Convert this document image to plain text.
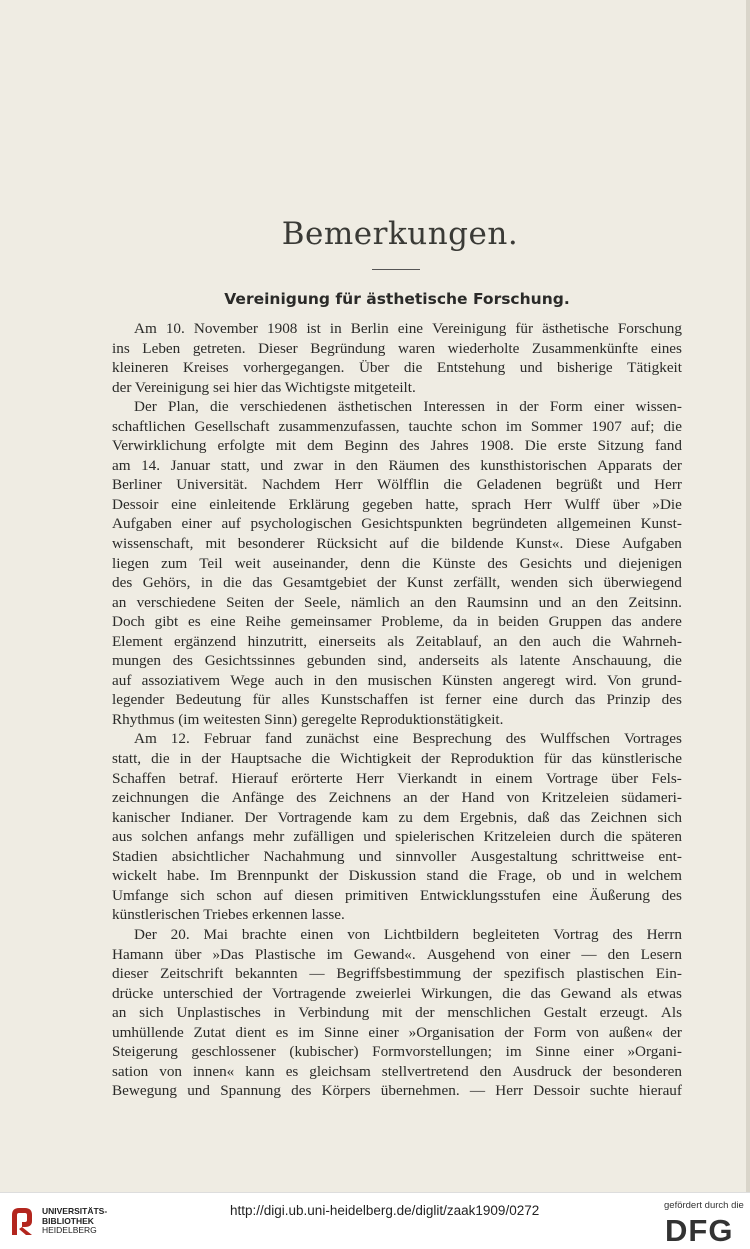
Bemerkungen.
Vereinigung für ästhetische Forschung.
Am 10. November 1908 ist in Berlin eine Vereinigung für ästhetische Forschung
ins Leben getreten. Dieser Begründung waren wiederholte Zusammenkünfte eines
kleineren Kreises vorhergegangen. Über die Entstehung und bisherige Tätigkeit
der Vereinigung sei hier das Wichtigste mitgeteilt.
Der Plan, die verschiedenen ästhetischen Interessen in der Form einer wissen-
schaftlichen Gesellschaft zusammenzufassen, tauchte schon im Sommer 1907 auf; die
Verwirklichung erfolgte mit dem Beginn des Jahres 1908. Die erste Sitzung fand
am 14. Januar statt, und zwar in den Räumen des kunsthistorischen Apparats der
Berliner Universität. Nachdem Herr Wölfflin die Geladenen begrüßt und Herr
Dessoir eine einleitende Erklärung gegeben hatte, sprach Herr Wulff über »Die
Aufgaben einer auf psychologischen Gesichtspunkten begründeten allgemeinen Kunst-
wissenschaft, mit besonderer Rücksicht auf die bildende Kunst«. Diese Aufgaben
liegen zum Teil weit auseinander, denn die Künste des Gesichts und diejenigen
des Gehörs, in die das Gesamtgebiet der Kunst zerfällt, wenden sich überwiegend
an verschiedene Seiten der Seele, nämlich an den Raumsinn und an den Zeitsinn.
Doch gibt es eine Reihe gemeinsamer Probleme, da in beiden Gruppen das andere
Element ergänzend hinzutritt, einerseits als Zeitablauf, an den auch die Wahrneh-
mungen des Gesichtssinnes gebunden sind, anderseits als latente Anschauung, die
auf assoziativem Wege auch in den musischen Künsten angeregt wird. Von grund-
legender Bedeutung für alles Kunstschaffen ist ferner eine durch das Prinzip des
Rhythmus (im weitesten Sinn) geregelte Reproduktionstätigkeit.
Am 12. Februar fand zunächst eine Besprechung des Wulffschen Vortrages
statt, die in der Hauptsache die Wichtigkeit der Reproduktion für das künstlerische
Schaffen betraf. Hierauf erörterte Herr Vierkandt in einem Vortrage über Fels-
zeichnungen die Anfänge des Zeichnens an der Hand von Kritzeleien südameri-
kanischer Indianer. Der Vortragende kam zu dem Ergebnis, daß das Zeichnen sich
aus solchen anfangs mehr zufälligen und spielerischen Kritzeleien durch die späteren
Stadien absichtlicher Nachahmung und sinnvoller Ausgestaltung schrittweise ent-
wickelt habe. Im Brennpunkt der Diskussion stand die Frage, ob und in welchem
Umfange sich schon auf diesen primitiven Entwicklungsstufen eine Äußerung des
künstlerischen Triebes erkennen lasse.
Der 20. Mai brachte einen von Lichtbildern begleiteten Vortrag des Herrn
Hamann über »Das Plastische im Gewand«. Ausgehend von einer — den Lesern
dieser Zeitschrift bekannten — Begriffsbestimmung der spezifisch plastischen Ein-
drücke unterschied der Vortragende zweierlei Wirkungen, die das Gewand als etwas
an sich Unplastisches in Verbindung mit der menschlichen Gestalt erzeugt. Als
umhüllende Zutat dient es im Sinne einer »Organisation der Form von außen« der
Steigerung geschlossener (kubischer) Formvorstellungen; im Sinne einer »Organi-
sation von innen« kann es gleichsam stellvertretend den Ausdruck der besonderen
Bewegung und Spannung des Körpers übernehmen. — Herr Dessoir suchte hierauf
UNIVERSITÄTS-
BIBLIOTHEK
HEIDELBERG
http://digi.ub.uni-heidelberg.de/diglit/zaak1909/0272	gefördert durch die
DFG
